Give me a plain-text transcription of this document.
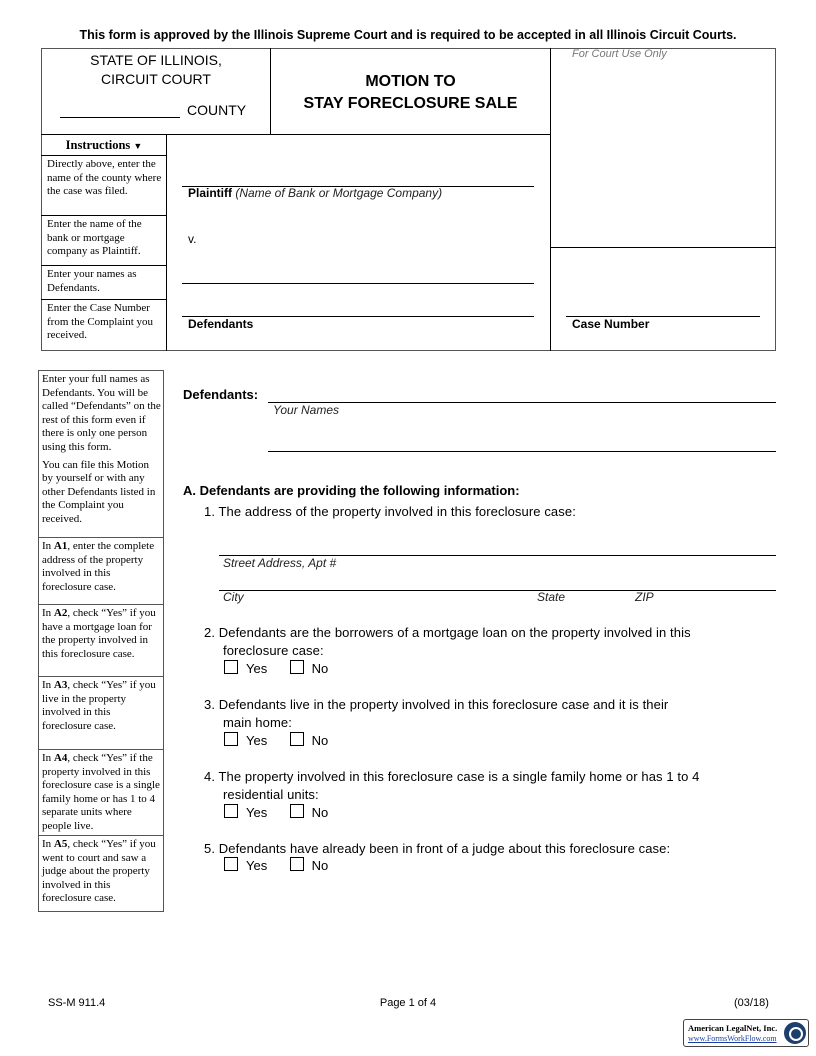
This form is approved by the Illinois Supreme Court and is required to be accepted in all Illinois Circuit Courts.
STATE OF ILLINOIS,
CIRCUIT COURT
COUNTY
MOTION TO
STAY FORECLOSURE SALE
For Court Use Only
Instructions ▼
Directly above, enter the name of the county where the case was filed.
Enter the name of the bank or mortgage company as Plaintiff.
Enter your names as Defendants.
Enter the Case Number from the Complaint you received.
Plaintiff (Name of Bank or Mortgage Company)
v.
Defendants	Case Number
Enter your full names as Defendants. You will be called “Defendants” on the rest of this form even if there is only one person using this form.
You can file this Motion by yourself or with any other Defendants listed in the Complaint you received.
In A1, enter the complete address of the property involved in this foreclosure case.
In A2, check “Yes” if you have a mortgage loan for the property involved in this foreclosure case.
In A3, check “Yes” if you live in the property involved in this foreclosure case.
In A4, check “Yes” if the property involved in this foreclosure case is a single family home or has 1 to 4 separate units where people live.
In A5, check “Yes” if you went to court and saw a judge about the property involved in this foreclosure case.
Defendants:
Your Names
A. Defendants are providing the following information:
1. The address of the property involved in this foreclosure case:
Street Address, Apt #
City	State	ZIP
2. Defendants are the borrowers of a mortgage loan on the property involved in this
foreclosure case:
Yes	No
3. Defendants live in the property involved in this foreclosure case and it is their
main home:
Yes	No
4. The property involved in this foreclosure case is a single family home or has 1 to 4
residential units:
Yes	No
5. Defendants have already been in front of a judge about this foreclosure case:
Yes	No
SS-M 911.4	Page 1 of 4	(03/18)
American LegalNet, Inc.
www.FormsWorkFlow.com
